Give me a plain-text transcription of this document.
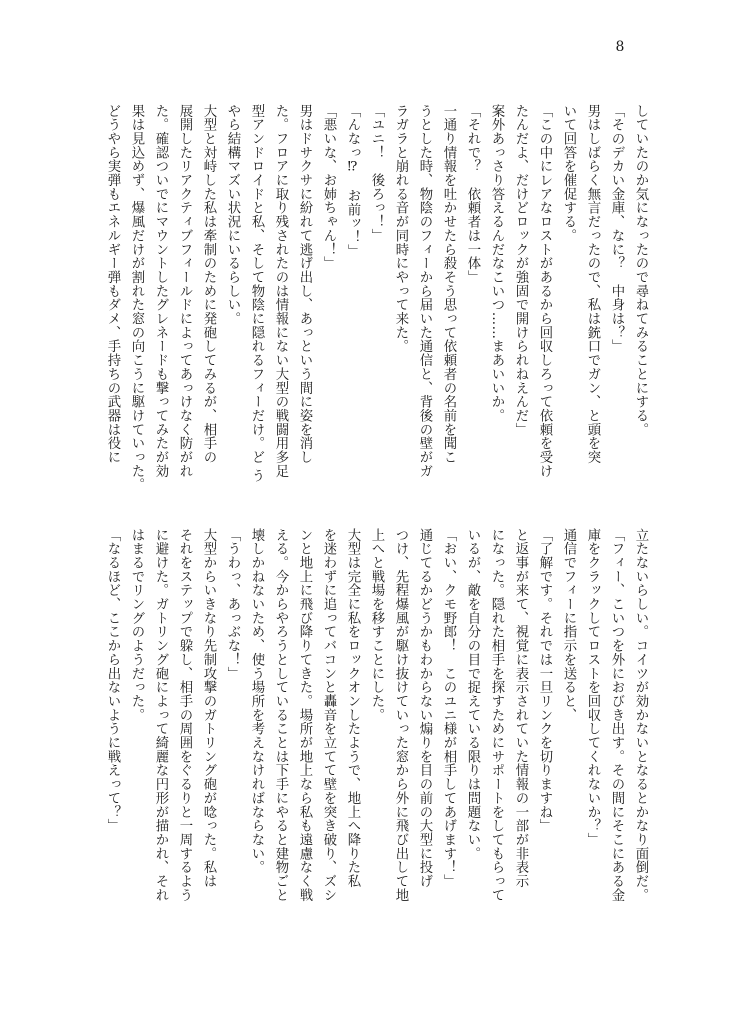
8

していたのか気になったので尋ねてみることにする。

「そのデカい金庫、なに？　中身は？」

男はしばらく無言だったので、私は銃口でガン、と頭を突

いて回答を催促する。

「この中にレアなロストがあるから回収しろって依頼を受け

たんだよ、だけどロックが強固で開けられねえんだ」

案外あっさり答えるんだなこいつ……まあいいか。

「それで？　依頼者は一体」

一通り情報を吐かせたら殺そう思って依頼者の名前を聞こ

うとした時、物陰のフィーから届いた通信と、背後の壁がガ

ラガラと崩れる音が同時にやって来た。

「ユニ！　後ろっ！」

「んなっ⁉　お前ッ！」

「悪いな、お姉ちゃん！」

男はドサクサに紛れて逃げ出し、あっという間に姿を消し

た。フロアに取り残されたのは情報にない大型の戦闘用多足

型アンドロイドと私、そして物陰に隠れるフィーだけ。ど う

やら結構マズい状況にいるらしい。

大型と対峙した私は牽制のために発砲してみるが、相手の

展開したリアクティブフィールドによってあっけなく防がれ

た。確認ついでにマウントしたグレネードも撃ってみたが効

果は見込めず、爆風だけが割れた窓の向こうに駆けていった。

どうやら実弾もエネルギー弾もダメ、手持ちの武器は役に

立たないらしい。コイツが効かないとなるとかなり面倒だ。

「フィー、こいつを外におびき出す。その間にそこにある金

庫をクラックしてロストを回収してくれないか？」

通信でフィーに指示を送ると、

「了解です。それでは一旦リンクを切りますね」

と返事が来て、視覚に表示されていた情報の一部が非表示

になった。隠れた相手を探すためにサポートをしてもらって

いるが、敵を自分の目で捉えている限りは問題ない。

「おい、クモ野郎！　このユニ様が相手してあげます！」

通じてるかどうかもわからない煽りを目の前の大型に投げ

つけ、先程爆風が駆け抜けていった窓から外に飛び出して地

上へと戦場を移すことにした。

大型は完全に私をロックオンしたようで、地上へ降りた私

を迷わずに追ってバコンと轟音を立てて壁を突き破り、ズシ

ンと地上に飛び降りてきた。場所が地上なら私も遠慮なく戦

える。今からやろうとしていることは下手にやると建物ごと

壊しかねないため、使う場所を考えなければならない。

「うわっ、あっぶな！」

大型からいきなり先制攻撃のガトリング砲が唸った。私は

それをステップで躱し、相手の周囲をぐるりと一周するよう

に避けた。ガトリング砲によって綺麗な円形が描かれ、それ

はまるでリングのようだった。

「なるほど、ここから出ないように戦えって？」
